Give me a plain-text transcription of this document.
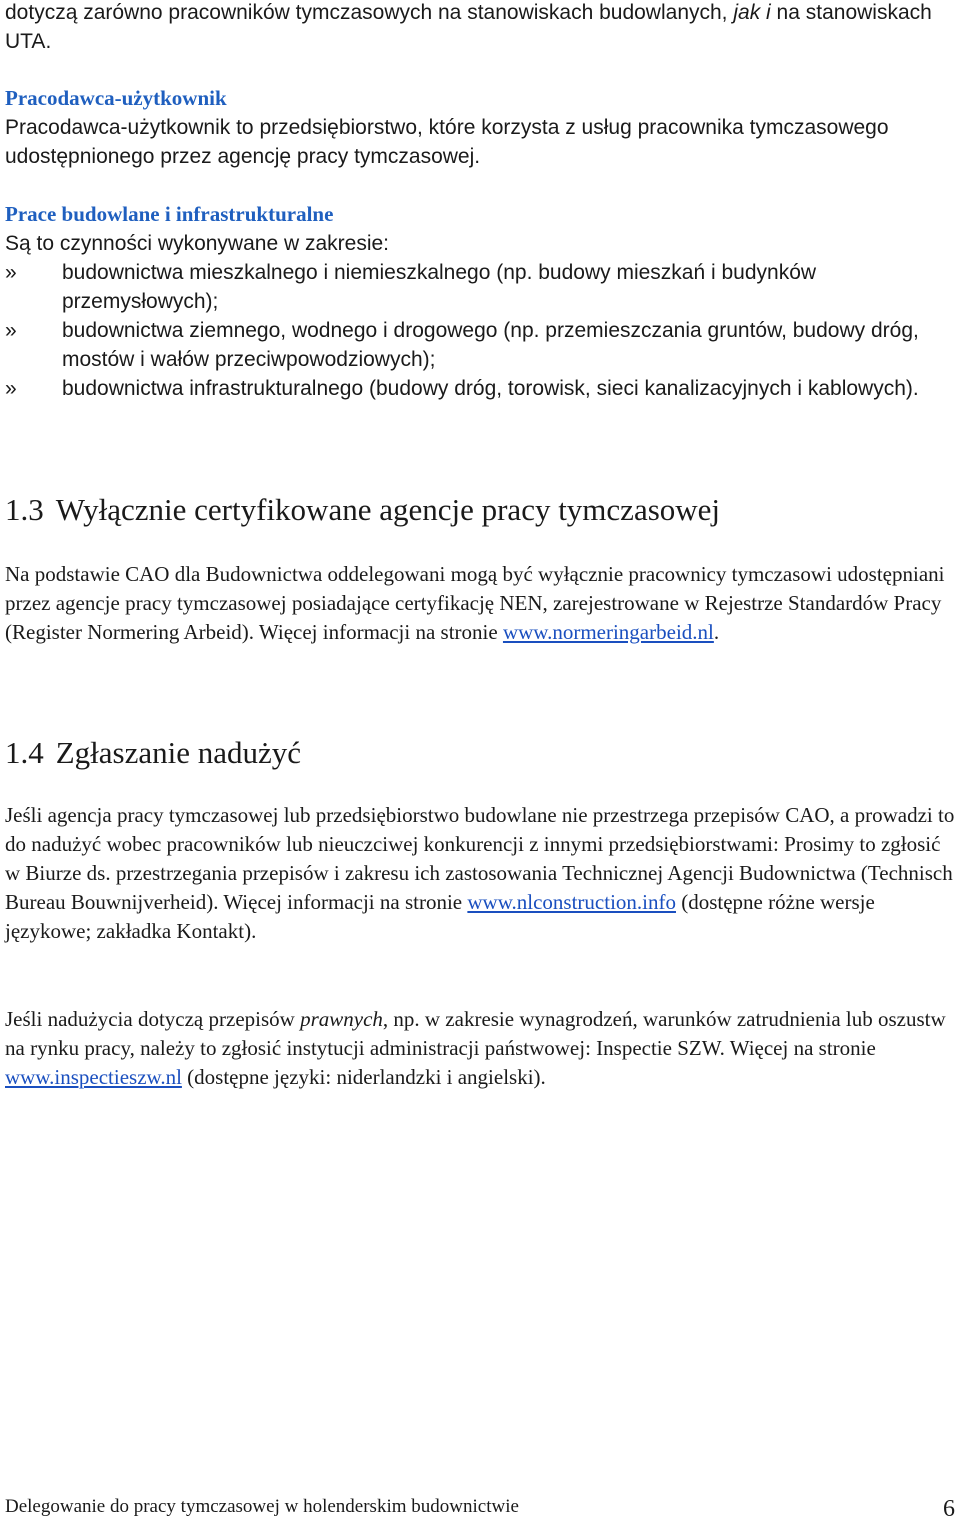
dotyczą zarówno pracowników tymczasowych na stanowiskach budowlanych, jak i na stanowiskach UTA.

Pracodawca-użytkownik

Pracodawca-użytkownik to przedsiębiorstwo, które korzysta z usług pracownika tymczasowego udostępnionego przez agencję pracy tymczasowej.

Prace budowlane i infrastrukturalne

Są to czynności wykonywane w zakresie:

» budownictwa mieszkalnego i niemieszkalnego (np. budowy mieszkań i budynków przemysłowych);
» budownictwa ziemnego, wodnego i drogowego (np. przemieszczania gruntów, budowy dróg, mostów i wałów przeciwpowodziowych);
» budownictwa infrastrukturalnego (budowy dróg, torowisk, sieci kanalizacyjnych i kablowych).
1.3 Wyłącznie certyfikowane agencje pracy tymczasowej

Na podstawie CAO dla Budownictwa oddelegowani mogą być wyłącznie pracownicy tymczasowi udostępniani przez agencje pracy tymczasowej posiadające certyfikację NEN, zarejestrowane w Rejestrze Standardów Pracy (Register Normering Arbeid). Więcej informacji na stronie www.normeringarbeid.nl.

1.4 Zgłaszanie nadużyć

Jeśli agencja pracy tymczasowej lub przedsiębiorstwo budowlane nie przestrzega przepisów CAO, a prowadzi to do nadużyć wobec pracowników lub nieuczciwej konkurencji z innymi przedsiębiorstwami: Prosimy to zgłosić w Biurze ds. przestrzegania przepisów i zakresu ich zastosowania Technicznej Agencji Budownictwa (Technisch Bureau Bouwnijverheid). Więcej informacji na stronie www.nlconstruction.info (dostępne różne wersje językowe; zakładka Kontakt).

Jeśli nadużycia dotyczą przepisów prawnych, np. w zakresie wynagrodzeń, warunków zatrudnienia lub oszustw na rynku pracy, należy to zgłosić instytucji administracji państwowej: Inspectie SZW. Więcej na stronie www.inspectieszw.nl (dostępne języki: niderlandzki i angielski).

Delegowanie do pracy tymczasowej w holenderskim budownictwie	6
